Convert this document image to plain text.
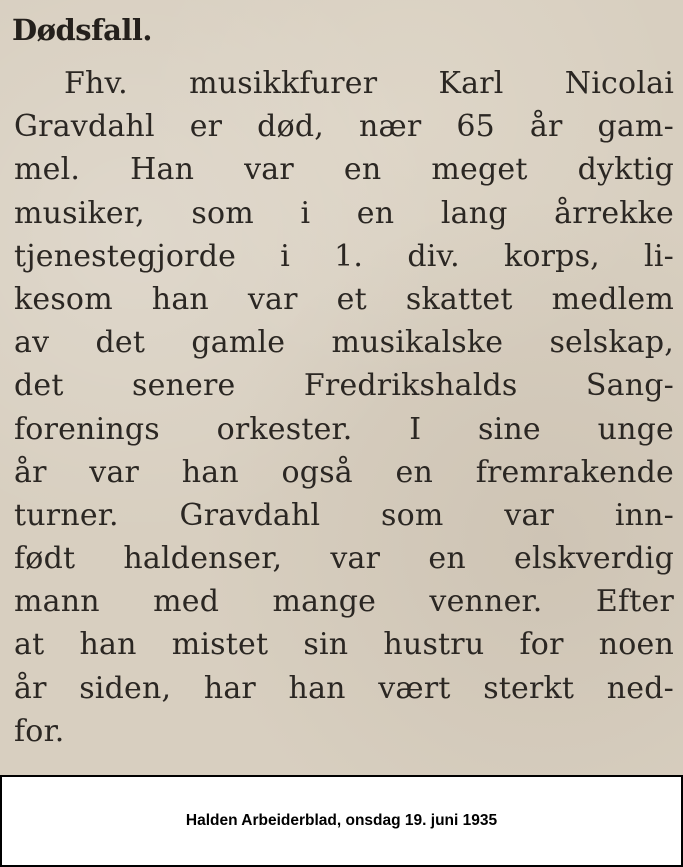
Dødsfall.
Fhv. musikkfurer Karl Nicolai
Gravdahl er død, nær 65 år gam-
mel. Han var en meget dyktig
musiker, som i en lang årrekke
tjenestegjorde i 1. div. korps, li-
kesom han var et skattet medlem
av det gamle musikalske selskap,
det senere Fredrikshalds Sang-
forenings orkester. I sine unge
år var han også en fremrakende
turner. Gravdahl som var inn-
født haldenser, var en elskverdig
mann med mange venner. Efter
at han mistet sin hustru for noen
år siden, har han vært sterkt ned-
for.
Halden Arbeiderblad, onsdag 19. juni 1935
